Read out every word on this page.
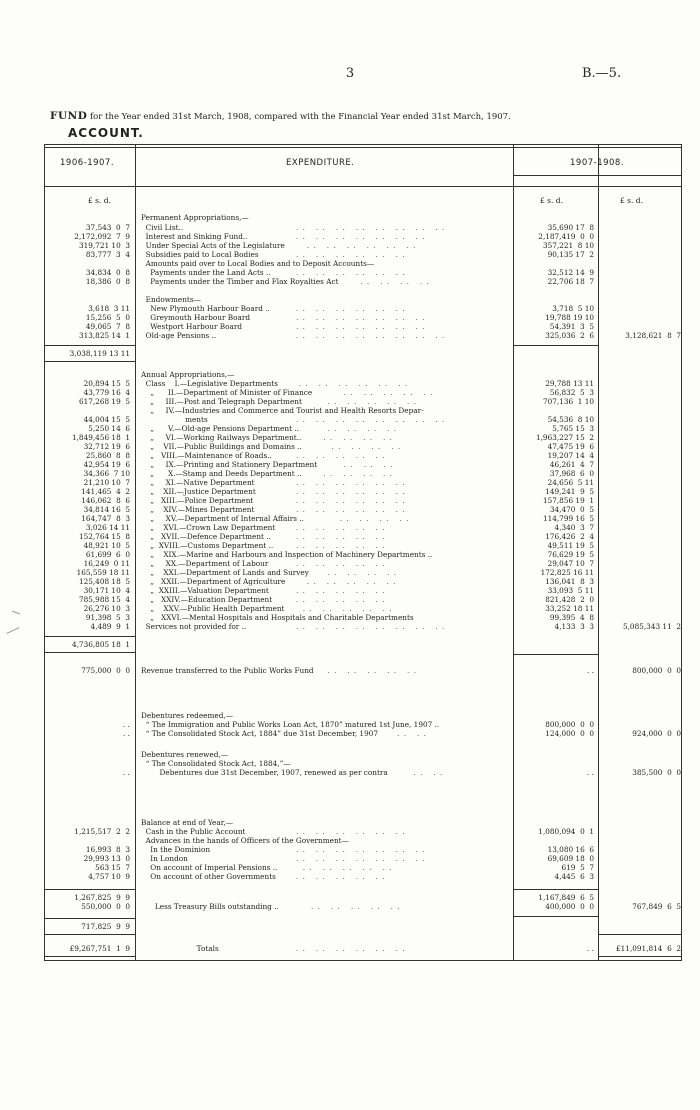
3	B.—5.
FUND for the Year ended 31st March, 1908, compared with the Financial Year ended 31st March, 1907.
ACCOUNT.
1906-1907.	EXPENDITURE.	1907-1908.
£ s. d.	£ s. d.	£ s. d.
Permanent Appropriations,—
37,543  0  7 Civil List..	35,690 17  8
. .   . .   . .   . .   . .   . .   . .   . .
2,172,092  7  9 Interest and Sinking Fund..	2,187,419  0  0
. .   . .   . .   . .   . .   . .   . .
319,721 10  3 Under Special Acts of the Legislature	357,221  8 10
. .   . .   . .   . .   . .   . .
83,777  3  4 Subsidies paid to Local Bodies	90,135 17  2
. .   . .   . .   . .   . .   . .
Amounts paid over to Local Bodies and to Deposit Accounts—
34,834  0  8 Payments under the Land Acts ..	32,512 14  9
. .   . .   . .   . .   . .   . .
18,386  0  8 Payments under the Timber and Flax Royalties Act	22,706 18  7
. .   . .   . .   . .
Endowments—
3,618  3 11 New Plymouth Harbour Board ..	3,718  5 10
. .   . .   . .   . .   . .   . .
15,256  5  0 Greymouth Harbour Board	19,788 19 10
. .   . .   . .   . .   . .   . .   . .
49,065  7  8 Westport Harbour Board	54,391  3  5
. .   . .   . .   . .   . .   . .   . .
313,825 14  1 Old-age Pensions ..	325,036  2  6	3,128,621  8  7
. .   . .   . .   . .   . .   . .   . .   . .
3,038,119 13 11
Annual Appropriations,—
20,894 15  5 Class    I.—Legislative Departments	29,788 13 11
. .   . .   . .   . .   . .   . .
43,779 16  4 „      II.—Department of Minister of Finance	56,832  5  3
. .   . .   . .   . .   . .
617,268 19  5 „     III.—Post and Telegraph Department	707,136  1 10
. .   . .   . .   . .   . .
„     IV.—Industries and Commerce and Tourist and Health Resorts Depar-
44,004 15  5 ments	54,536  8 10
. .   . .   . .   . .   . .   . .   . .   . .
5,250 14  6 „      V.—Old-age Pensions Department ..	5,765 15  3
. .   . .   . .   . .
1,849,456 18  1 „     VI.—Working Railways Department..	1,963,227 15  2
. .   . .   . .   . .
32,712 19  6 „    VII.—Public Buildings and Domains ..	47,475 19  6
. .   . .   . .   . .
25,860  8  8 „   VIII.—Maintenance of Roads..	19,207 14  4
. .   . .   . .   . .   . .
42,954 19  6 „     IX.—Printing and Stationery Department	46,261  4  7
. .   . .   . .
34,366  7 10 „      X.—Stamp and Deeds Department ..	37,968  6  0
. .   . .   . .   . .
21,210 10  7 „     XI.—Native Department	24,656  5 11
. .   . .   . .   . .   . .   . .
141,465  4  2 „    XII.—Justice Department	149,241  9  5
. .   . .   . .   . .   . .   . .
146,062  8  6 „   XIII.—Police Department	157,856 19  1
. .   . .   . .   . .   . .   . .
34,814 16  5 „    XIV.—Mines Department	34,470  0  5
. .   . .   . .   . .   . .   . .
164,747  8  3 „     XV.—Department of Internal Affairs ..	114,799 16  5
. .   . .   . .   . .
3,026 14 11 „    XVI.—Crown Law Department	4,340  3  7
. .   . .   . .   . .   . .
152,764 15  8 „   XVII.—Defence Department ..	176,426  2  4
. .   . .   . .   . .   . .
48,921 10  5 „  XVIII.—Customs Department ..	49,511 19  5
. .   . .   . .   . .   . .
61,699  6  0 „    XIX.—Marine and Harbours and Inspection of Machinery Departments ..	76,629 19  5
16,249  0 11 „     XX.—Department of Labour	29,047 10  7
. .   . .   . .   . .   . .
165,559 18 11 „    XXI.—Department of Lands and Survey	172,825 16 11
. .   . .   . .   . .
125,408 18  5 „   XXII.—Department of Agriculture	136,041  8  3
. .   . .   . .   . .   . .
30,171 10  4 „  XXIII.—Valuation Department	33,093  5 11
. .   . .   . .   . .   . .
785,988 15  4 „   XXIV.—Education Department	821,428  2  0
. .   . .   . .   . .   . .
26,276 10  3 „    XXV.—Public Health Department	33,252 18 11
. .   . .   . .   . .   . .
91,398  5  3 „   XXVI.—Mental Hospitals and Hospitals and Charitable Departments	99,395  4  8
4,489  9  1 Services not provided for ..	4,133  3  3	5,085,343 11  2
. .   . .   . .   . .   . .   . .   . .   . .
4,736,805 18  1
775,000  0  0 Revenue transferred to the Public Works Fund	. .	800,000  0  0
. .   . .   . .   . .   . .
Debentures redeemed,—
. . “ The Immigration and Public Works Loan Act, 1870” matured 1st June, 1907 ..	800,000  0  0
. . “ The Consolidated Stock Act, 1884” due 31st December, 1907	124,000  0  0	924,000  0  0
. .   . .
Debentures renewed,—
“ The Consolidated Stock Act, 1884,”—
. . Debentures due 31st December, 1907, renewed as per contra	. .	385,500  0  0
. .   . .
Balance at end of Year,—
1,215,517  2  2 Cash in the Public Account	1,080,094  0  1
. .   . .   . .   . .   . .   . .
Advances in the hands of Officers of the Government—
16,993  8  3 In the Dominion	13,080 16  6
. .   . .   . .   . .   . .   . .   . .
29,993 13  0 In London	69,609 18  0
. .   . .   . .   . .   . .   . .   . .
563 15  7 On account of Imperial Pensions ..	619  5  7
. .   . .   . .   . .   . .
4,757 10  9 On account of other Governments	4,445  6  3
. .   . .   . .   . .   . .
1,267,825  9  9	1,167,849  6  5
550,000  0  0 Less Treasury Bills outstanding ..	400,000  0  0	767,849  6  5
. .   . .   . .   . .   . .
717,825  9  9
£9,267,751  1  9 Totals	. .	£11,091,814  6  2
. .   . .   . .   . .   . .   . .
